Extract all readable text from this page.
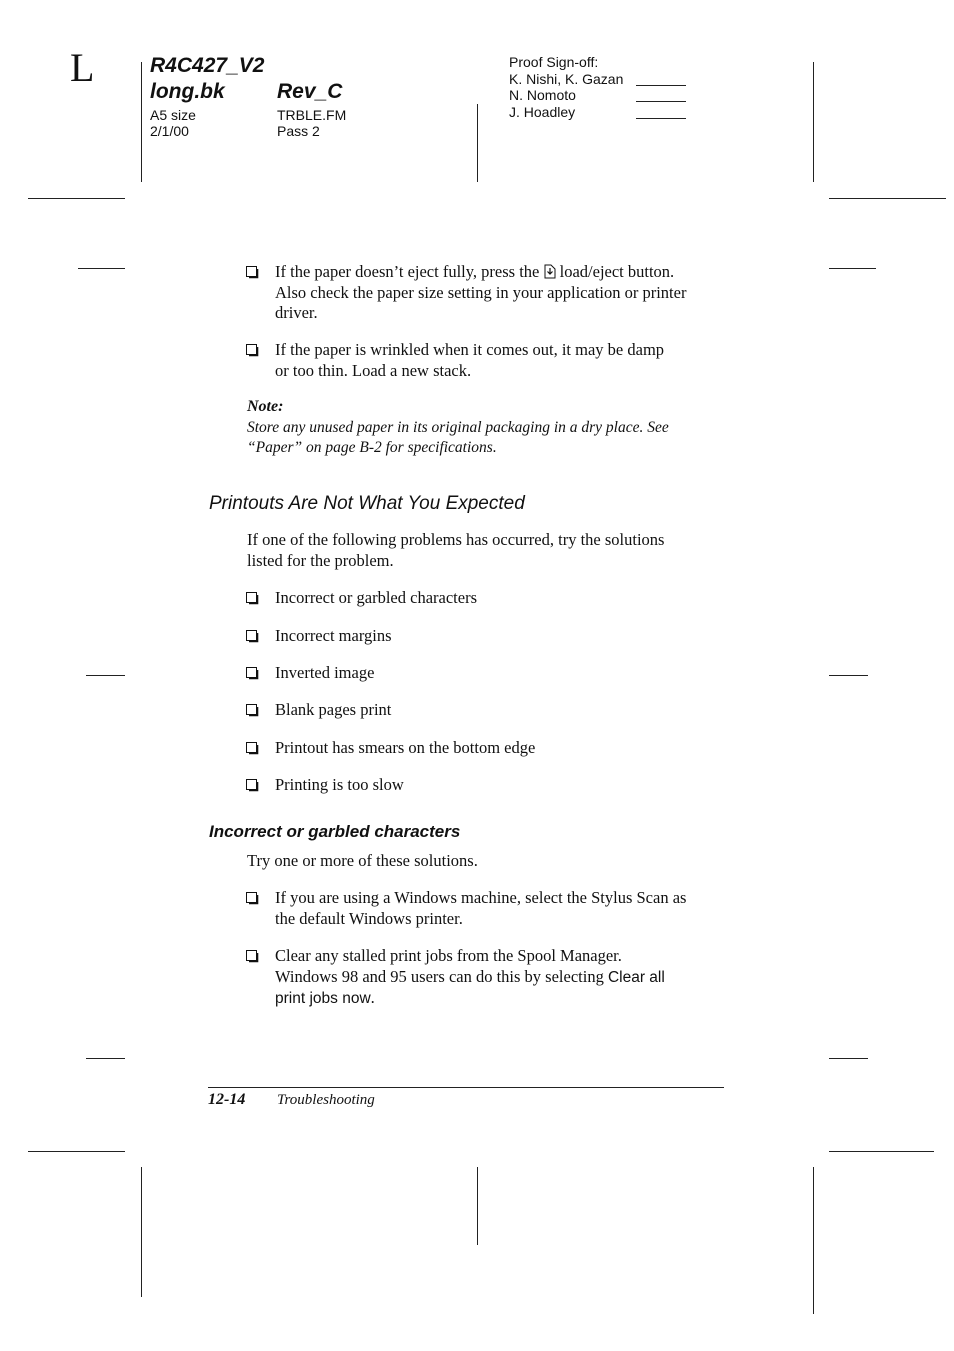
L	R4C427_V2
long.bk Rev_C
A5 size
2/1/00
TRBLE.FM
Pass 2
Proof Sign-off:
K. Nishi, K. Gazan
N. Nomoto
J. Hoadley
If the paper doesn’t eject fully, press the load/eject button.
Also check the paper size setting in your application or printer
driver.
If the paper is wrinkled when it comes out, it may be damp
or too thin. Load a new stack.
Note:
Store any unused paper in its original packaging in a dry place. See
“Paper” on page B-2 for specifications.
Printouts Are Not What You Expected
If one of the following problems has occurred, try the solutions
listed for the problem.
Incorrect or garbled characters
Incorrect margins
Inverted image
Blank pages print
Printout has smears on the bottom edge
Printing is too slow
Incorrect or garbled characters
Try one or more of these solutions.
If you are using a Windows machine, select the Stylus Scan as
the default Windows printer.
Clear any stalled print jobs from the Spool Manager.
Windows 98 and 95 users can do this by selecting Clear all
print jobs now.
12-14 Troubleshooting
